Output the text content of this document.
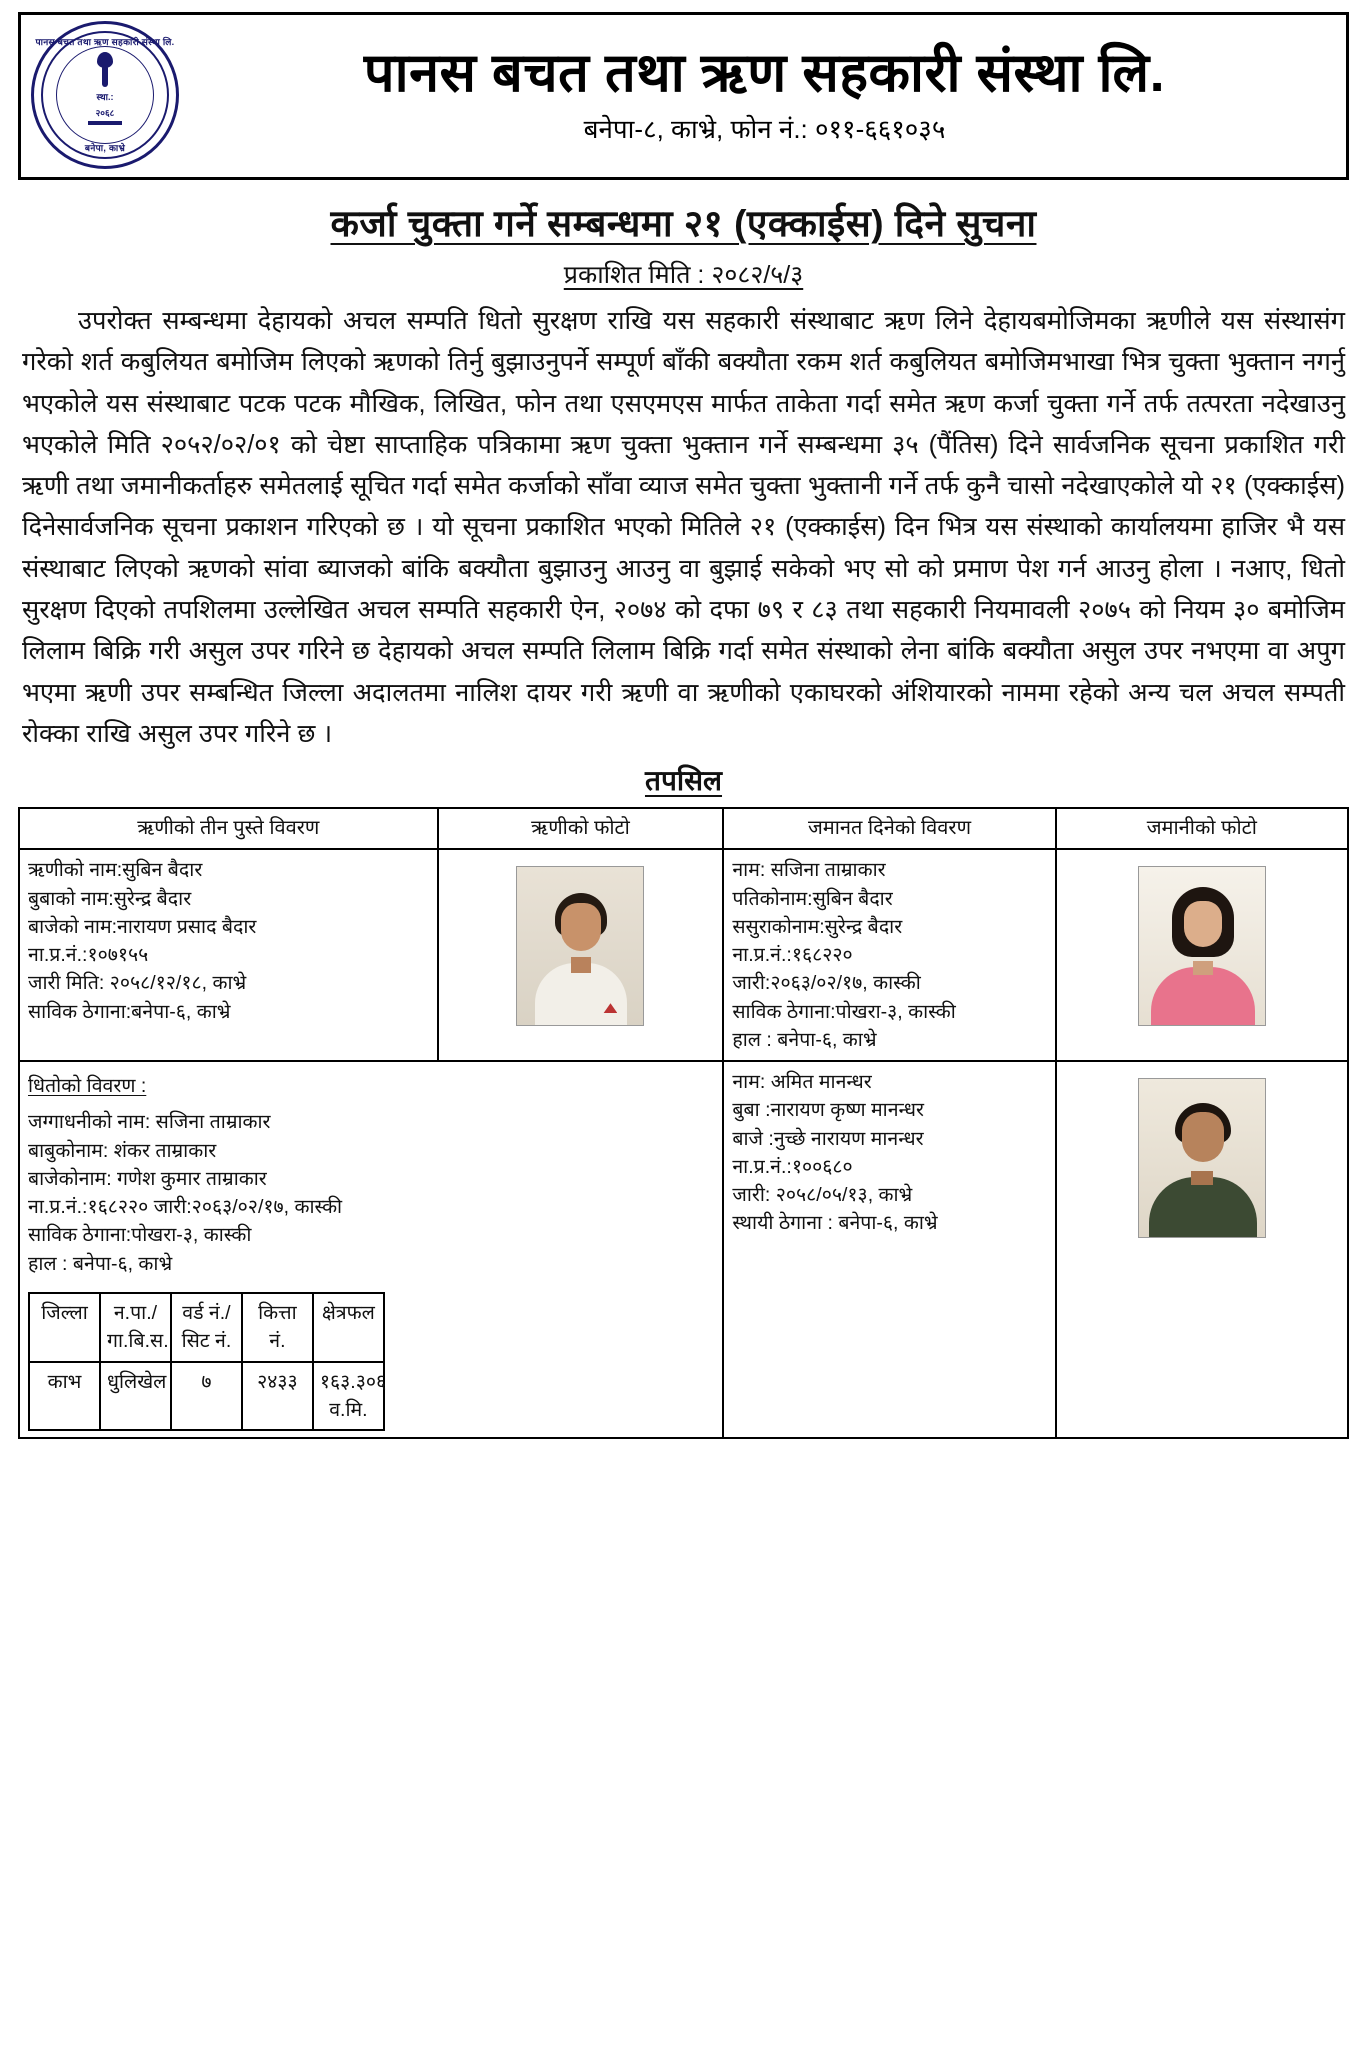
पानस बचत तथा ऋण सहकारी संस्था लि.
बनेपा, काभ्रे
स्था.:
२०६८
पानस बचत तथा ऋण सहकारी संस्था लि.
बनेपा-८, काभ्रे, फोन नं.: ०११-६६१०३५
कर्जा चुक्ता गर्ने सम्बन्धमा २१ (एक्काईस) दिने सुचना
प्रकाशित मिति : २०८२/५/३
उपरोक्त सम्बन्धमा देहायको अचल सम्पति धितो सुरक्षण राखि यस सहकारी संस्थाबाट ऋण लिने देहायबमोजिमका ऋणीले यस संस्थासंग गरेको शर्त कबुलियत बमोजिम लिएको ऋणको तिर्नु बुझाउनुपर्ने सम्पूर्ण बाँकी बक्यौता रकम शर्त कबुलियत बमोजिमभाखा भित्र चुक्ता भुक्तान नगर्नु भएकोले यस संस्थाबाट पटक पटक मौखिक, लिखित, फोन तथा एसएमएस मार्फत ताकेता गर्दा समेत ऋण कर्जा चुक्ता गर्ने तर्फ तत्परता नदेखाउनु भएकोले मिति २०५२/०२/०१ को चेष्टा साप्ताहिक पत्रिकामा ऋण चुक्ता भुक्तान गर्ने सम्बन्धमा ३५ (पैंतिस) दिने सार्वजनिक सूचना प्रकाशित गरी ऋणी तथा जमानीकर्ताहरु समेतलाई सूचित गर्दा समेत कर्जाको साँवा व्याज समेत चुक्ता भुक्तानी गर्ने तर्फ कुनै चासो नदेखाएकोले यो २१ (एक्काईस) दिनेसार्वजनिक सूचना प्रकाशन गरिएको छ । यो सूचना प्रकाशित भएको मितिले २१ (एक्काईस) दिन भित्र यस संस्थाको कार्यालयमा हाजिर भै यस संस्थाबाट लिएको ऋणको सांवा ब्याजको बांकि बक्यौता बुझाउनु आउनु वा बुझाई सकेको भए सो को प्रमाण पेश गर्न आउनु होला । नआए, धितो सुरक्षण दिएको तपशिलमा उल्लेखित अचल सम्पति सहकारी ऐन, २०७४ को दफा ७९ र ८३ तथा सहकारी नियमावली २०७५ को नियम ३० बमोजिम लिलाम बिक्रि गरी असुल उपर गरिने छ‍ देहायको अचल सम्पति लिलाम बिक्रि गर्दा समेत संस्थाको लेना बांकि बक्यौता असुल उपर नभएमा वा अपुग भएमा ऋणी उपर सम्बन्धित जिल्ला अदालतमा नालिश दायर गरी ऋणी वा ऋणीको एकाघरको अंशियारको नाममा रहेको अन्य चल अचल सम्पती रोक्का राखि असुल उपर गरिने छ ।
तपसिल
ऋणीको तीन पुस्ते विवरण	ऋणीको फोटो	जमानत दिनेको विवरण	जमानीको फोटो

ऋणीको नाम:सुबिन बैदार
बुबाको नाम:सुरेन्द्र बैदार
बाजेको नाम:नारायण प्रसाद बैदार
ना.प्र.नं.:१०७१५५
जारी मिति: २०५८/१२/१८, काभ्रे
साविक ठेगाना:बनेपा-६, काभ्रे

नाम: सजिना ताम्राकार
पतिकोनाम:सुबिन बैदार
ससुराकोनाम:सुरेन्द्र बैदार
ना.प्र.नं.:१६८२२०
जारी:२०६३/०२/१७, कास्की
साविक ठेगाना:पोखरा-३, कास्की
हाल : बनेपा-६, काभ्रे

धितोको विवरण :
जग्गाधनीको नाम: सजिना ताम्राकार
बाबुकोनाम: शंकर ताम्राकार
बाजेकोनाम: गणेश कुमार ताम्राकार
ना.प्र.नं.:१६८२२० जारी:२०६३/०२/१७, कास्की
साविक ठेगाना:पोखरा-३, कास्की
हाल : बनेपा-६, काभ्रे
जिल्ला	न.पा./गा.बि.स.	वर्ड नं./सिट नं.	कित्ता नं.	क्षेत्रफल
काभ	धुलिखेल	७	२४३३	१६३.३०६ व.मि.

नाम: अमित मानन्धर
बुबा :नारायण कृष्ण मानन्धर
बाजे :नुच्छे नारायण मानन्धर
ना.प्र.नं.:१००६८०
जारी: २०५८/०५/१३, काभ्रे
स्थायी ठेगाना : बनेपा-६, काभ्रे
